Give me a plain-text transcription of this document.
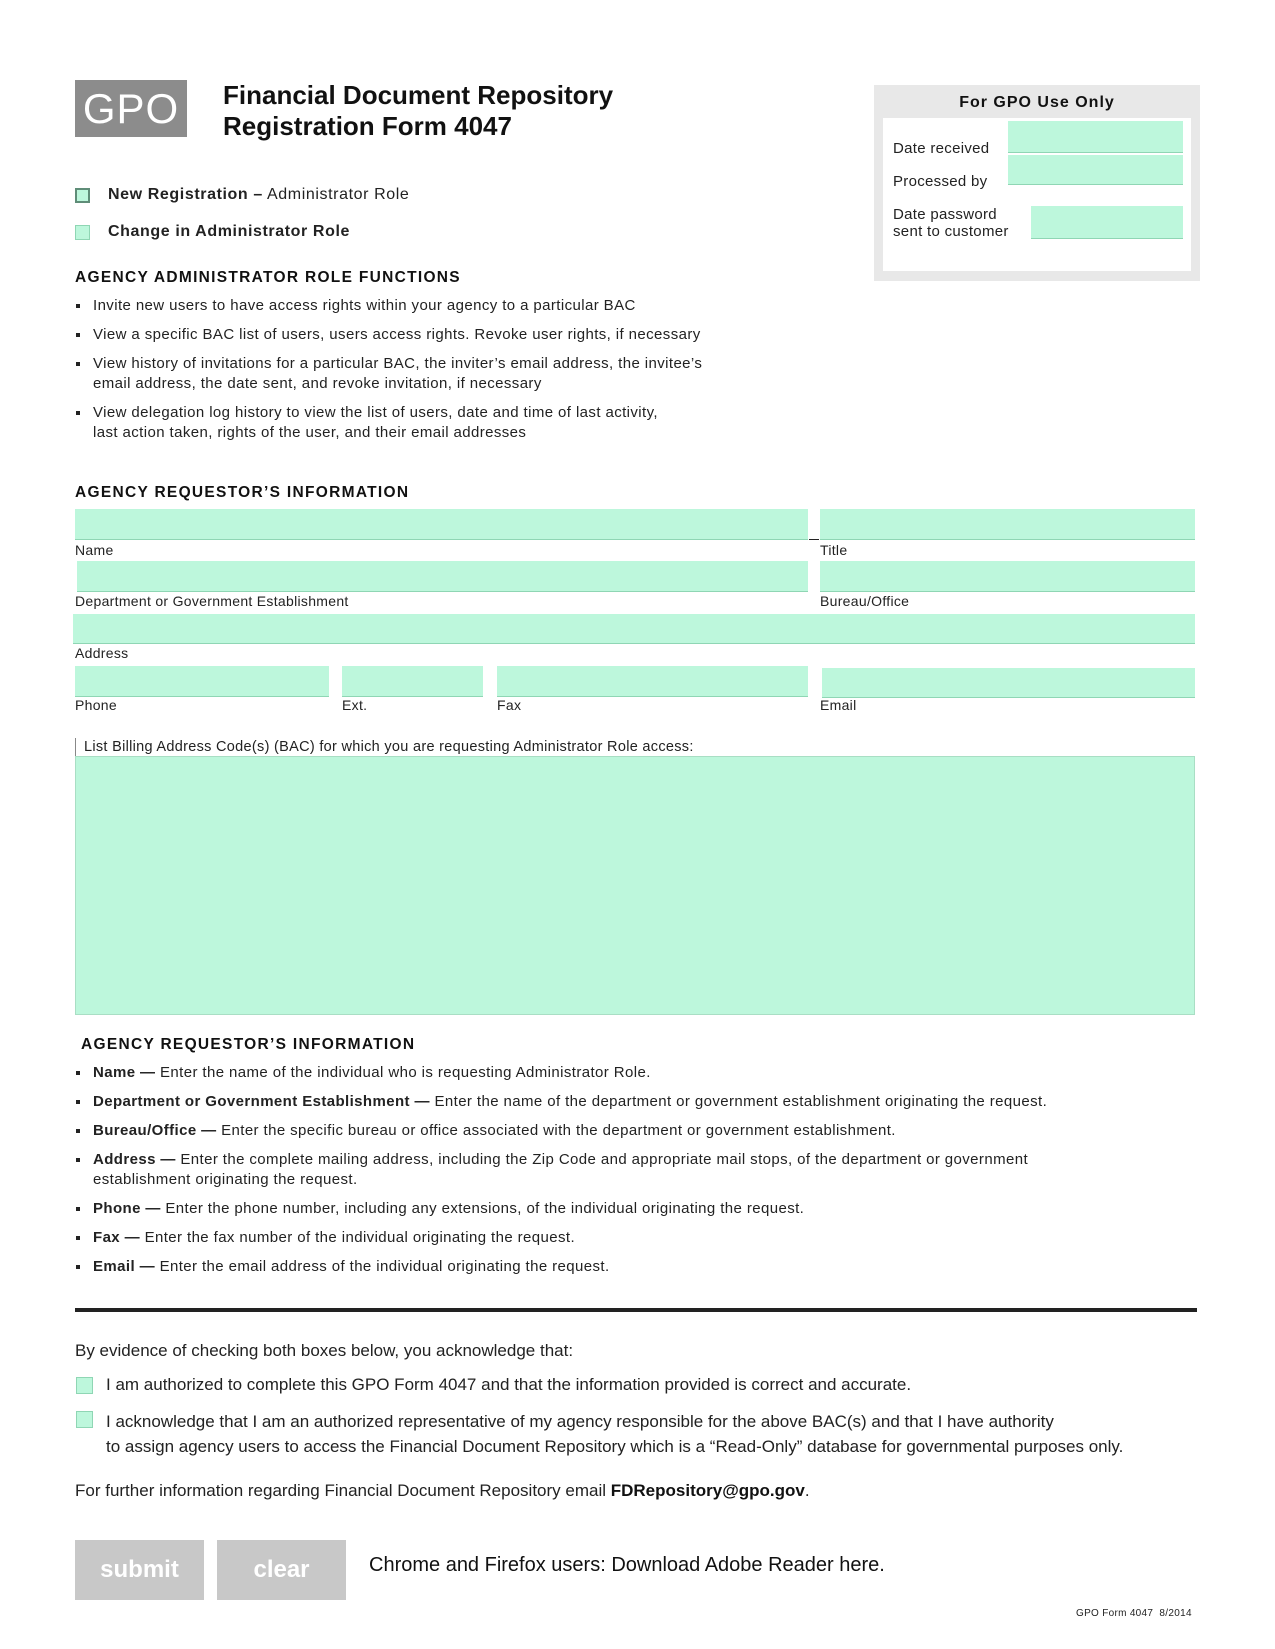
GPO	Financial Document Repository
Registration Form 4047
For GPO Use Only
Date received
Processed by
Date password
sent to customer
New Registration – Administrator Role
Change in Administrator Role
AGENCY ADMINISTRATOR ROLE FUNCTIONS
Invite new users to have access rights within your agency to a particular BAC
View a specific BAC list of users, users access rights. Revoke user rights, if necessary
View history of invitations for a particular BAC, the inviter’s email address, the invitee’s
email address, the date sent, and revoke invitation, if necessary
View delegation log history to view the list of users, date and time of last activity,
last action taken, rights of the user, and their email addresses
AGENCY REQUESTOR’S INFORMATION
Name	Title
Department or Government Establishment	Bureau/Office
Address
Phone	Ext.	Fax	Email
List Billing Address Code(s) (BAC) for which you are requesting Administrator Role access:
AGENCY REQUESTOR’S INFORMATION
Name — Enter the name of the individual who is requesting Administrator Role.
Department or Government Establishment — Enter the name of the department or government establishment originating the request.
Bureau/Office — Enter the specific bureau or office associated with the department or government establishment.
Address — Enter the complete mailing address, including the Zip Code and appropriate mail stops, of the department or government
establishment originating the request.
Phone — Enter the phone number, including any extensions, of the individual originating the request.
Fax — Enter the fax number of the individual originating the request.
Email — Enter the email address of the individual originating the request.
By evidence of checking both boxes below, you acknowledge that:
I am authorized to complete this GPO Form 4047 and that the information provided is correct and accurate.
I acknowledge that I am an authorized representative of my agency responsible for the above BAC(s) and that I have authority
to assign agency users to access the Financial Document Repository which is a “Read-Only” database for governmental purposes only.
For further information regarding Financial Document Repository email FDRepository@gpo.gov.
submit	clear	Chrome and Firefox users: Download Adobe Reader here.
GPO Form 4047  8/2014
